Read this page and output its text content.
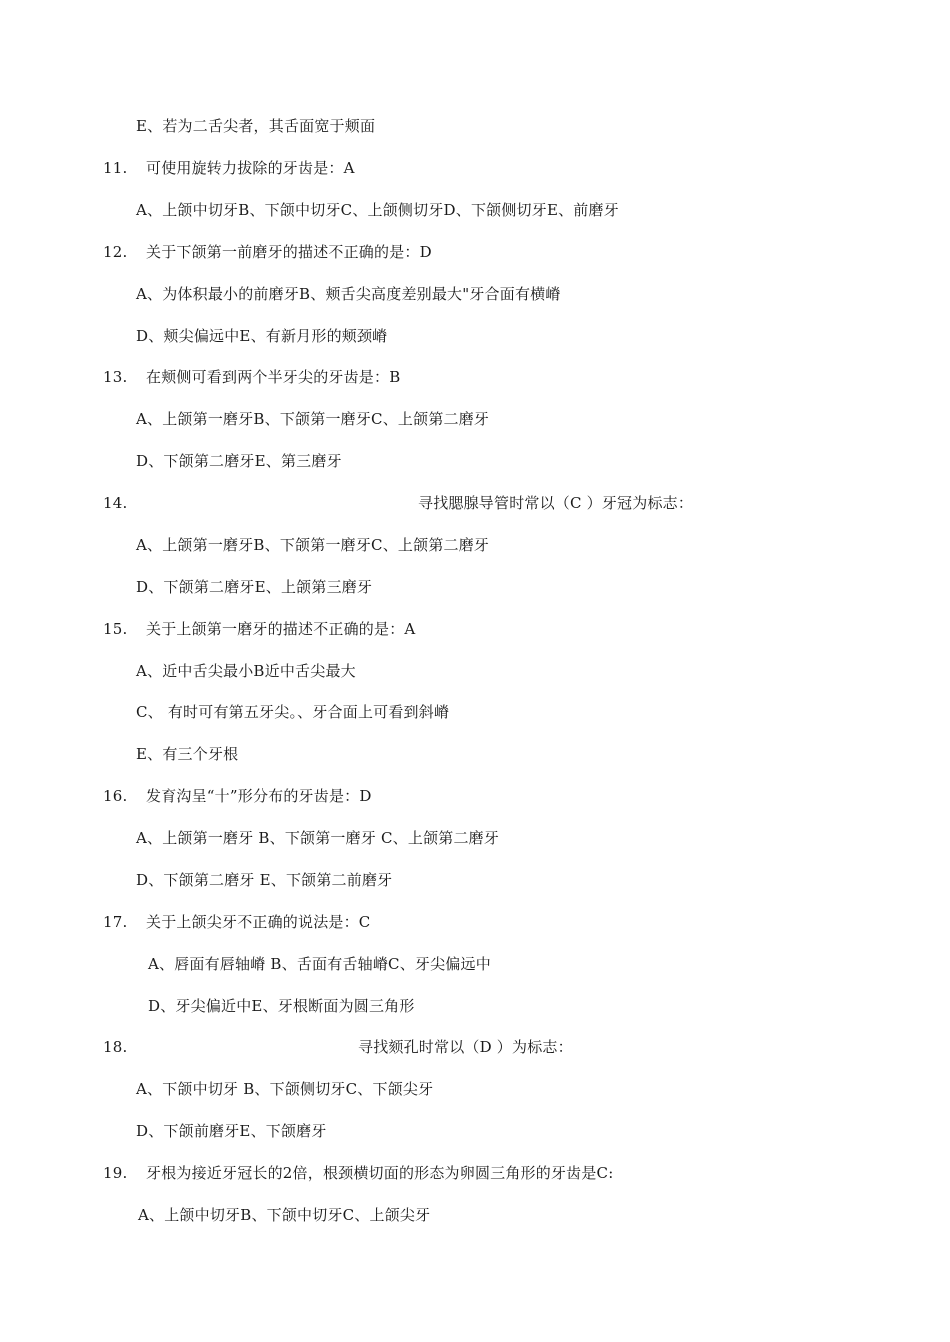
E、若为二舌尖者，其舌面宽于颊面
11. 可使用旋转力拔除的牙齿是：A
A、上颌中切牙B、下颌中切牙C、上颌侧切牙D、下颌侧切牙E、前磨牙
12. 关于下颌第一前磨牙的描述不正确的是：D
A、为体积最小的前磨牙B、颊舌尖高度差别最大"牙合面有横嵴
D、颊尖偏远中E、有新月形的颊颈嵴
13. 在颊侧可看到两个半牙尖的牙齿是：B
A、上颌第一磨牙B、下颌第一磨牙C、上颌第二磨牙
D、下颌第二磨牙E、第三磨牙
14.	寻找腮腺导管时常以（C ）牙冠为标志：
A、上颌第一磨牙B、下颌第一磨牙C、上颌第二磨牙
D、下颌第二磨牙E、上颌第三磨牙
15. 关于上颌第一磨牙的描述不正确的是：A
A、近中舌尖最小B近中舌尖最大
C、 有时可有第五牙尖。、牙合面上可看到斜嵴
E、有三个牙根
16. 发育沟呈“十”形分布的牙齿是：D
A、上颌第一磨牙 B、下颌第一磨牙 C、上颌第二磨牙
D、下颌第二磨牙 E、下颌第二前磨牙
17. 关于上颌尖牙不正确的说法是：C
A、唇面有唇轴嵴 B、舌面有舌轴嵴C、牙尖偏远中
D、牙尖偏近中E、牙根断面为圆三角形
18.	寻找颏孔时常以（D ）为标志：
A、下颌中切牙 B、下颌侧切牙C、下颌尖牙
D、下颌前磨牙E、下颌磨牙
19. 牙根为接近牙冠长的2倍，根颈横切面的形态为卵圆三角形的牙齿是C:
A、上颌中切牙B、下颌中切牙C、上颌尖牙
